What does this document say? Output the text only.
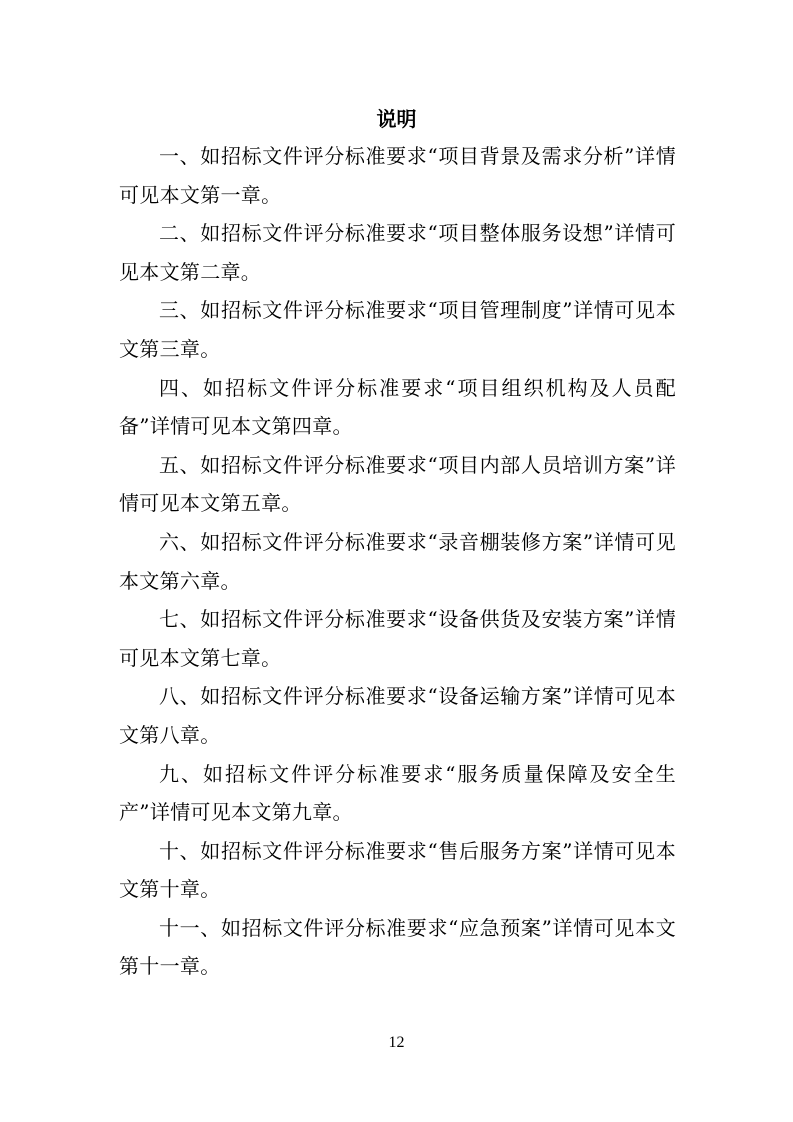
说明

一、如招标文件评分标准要求“项目背景及需求分析”详情可见本文第一章。

二、如招标文件评分标准要求“项目整体服务设想”详情可见本文第二章。

三、如招标文件评分标准要求“项目管理制度”详情可见本文第三章。

四、如招标文件评分标准要求“项目组织机构及人员配备”详情可见本文第四章。

五、如招标文件评分标准要求“项目内部人员培训方案”详情可见本文第五章。

六、如招标文件评分标准要求“录音棚装修方案”详情可见本文第六章。

七、如招标文件评分标准要求“设备供货及安装方案”详情可见本文第七章。

八、如招标文件评分标准要求“设备运输方案”详情可见本文第八章。

九、如招标文件评分标准要求“服务质量保障及安全生产”详情可见本文第九章。

十、如招标文件评分标准要求“售后服务方案”详情可见本文第十章。

十一、如招标文件评分标准要求“应急预案”详情可见本文第十一章。

12
